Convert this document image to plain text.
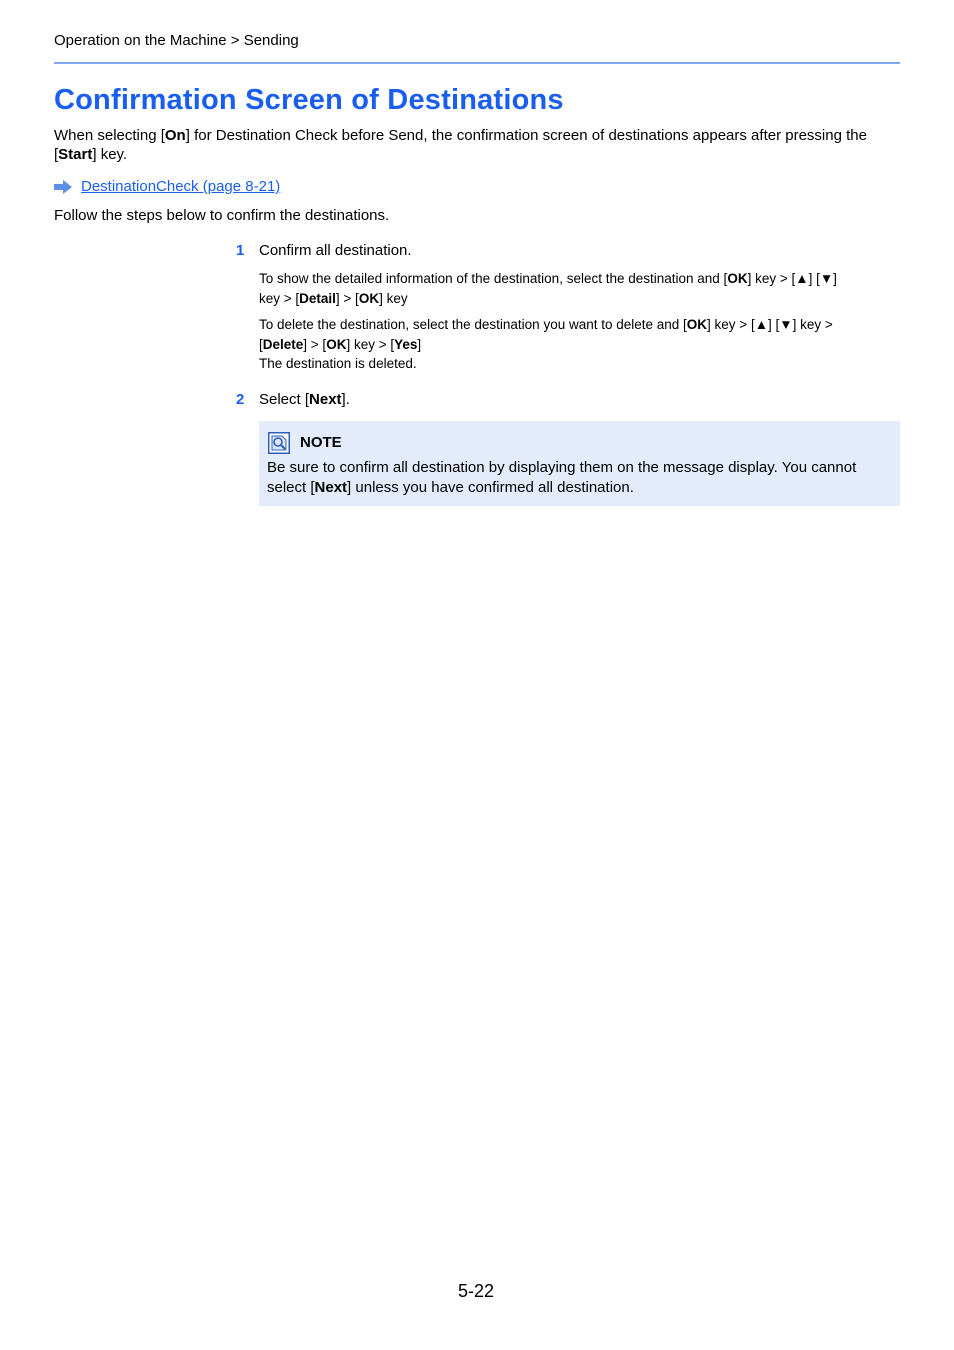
Operation on the Machine > Sending
Confirmation Screen of Destinations

When selecting [On] for Destination Check before Send, the confirmation screen of destinations appears after pressing the [Start] key.

DestinationCheck (page 8-21)

Follow the steps below to confirm the destinations.

1 Confirm all destination.

To show the detailed information of the destination, select the destination and [OK] key > [▲] [▼] key > [Detail] > [OK] key

To delete the destination, select the destination you want to delete and [OK] key > [▲] [▼] key > [Delete] > [OK] key > [Yes]
The destination is deleted.

2 Select [Next].
NOTE

Be sure to confirm all destination by displaying them on the message display. You cannot select [Next] unless you have confirmed all destination.

5-22
